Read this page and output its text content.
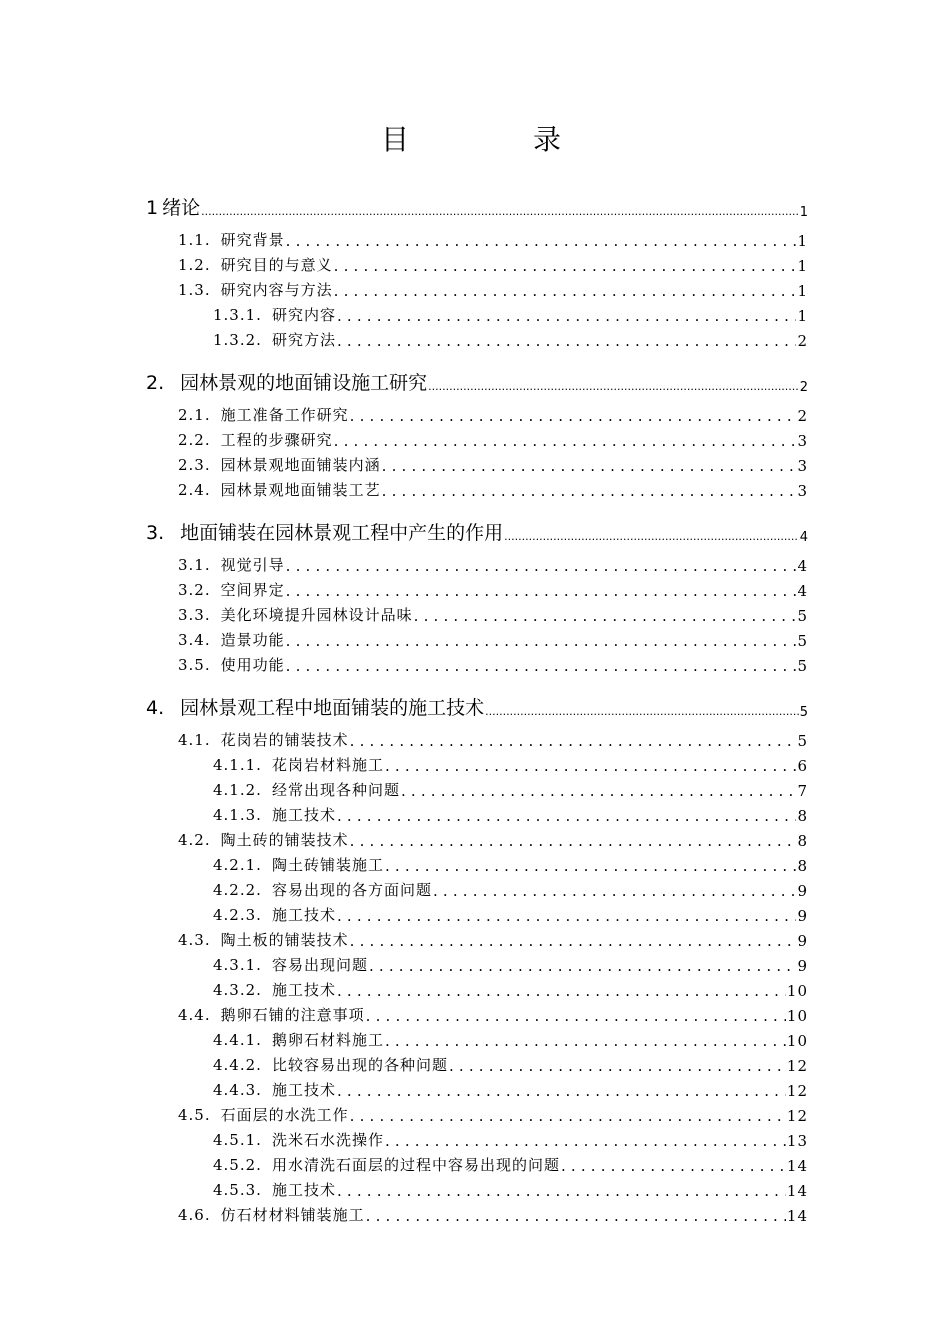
目　录
1 绪论 .....	1
1.1. 研究背景 . . .	1
1.2. 研究目的与意义 . . .	1
1.3. 研究内容与方法 . . .	1
1.3.1. 研究内容 . . .	1
1.3.2. 研究方法 . . .	2
2. 园林景观的地面铺设施工研究 .....	2
2.1. 施工准备工作研究 . . .	2
2.2. 工程的步骤研究 . . .	3
2.3. 园林景观地面铺装内涵 . . .	3
2.4. 园林景观地面铺装工艺 . . .	3
3. 地面铺装在园林景观工程中产生的作用 .....	4
3.1. 视觉引导 . . .	4
3.2. 空间界定 . . .	4
3.3. 美化环境提升园林设计品味 . . .	5
3.4. 造景功能 . . .	5
3.5. 使用功能 . . .	5
4. 园林景观工程中地面铺装的施工技术 .....	5
4.1. 花岗岩的铺装技术 . . .	5
4.1.1. 花岗岩材料施工 . . .	6
4.1.2. 经常出现各种问题 . . .	7
4.1.3. 施工技术 . . .	8
4.2. 陶土砖的铺装技术 . . .	8
4.2.1. 陶土砖铺装施工 . . .	8
4.2.2. 容易出现的各方面问题 . . .	9
4.2.3. 施工技术 . . .	9
4.3. 陶土板的铺装技术 . . .	9
4.3.1. 容易出现问题 . . .	9
4.3.2. 施工技术 . . .	10
4.4. 鹅卵石铺的注意事项 . . .	10
4.4.1. 鹅卵石材料施工 . . .	10
4.4.2. 比较容易出现的各种问题 . . .	12
4.4.3. 施工技术 . . .	12
4.5. 石面层的水洗工作 . . .	12
4.5.1. 洗米石水洗操作 . . .	13
4.5.2. 用水清洗石面层的过程中容易出现的问题 . . .	14
4.5.3. 施工技术 . . .	14
4.6. 仿石材材料铺装施工 . . .	14
